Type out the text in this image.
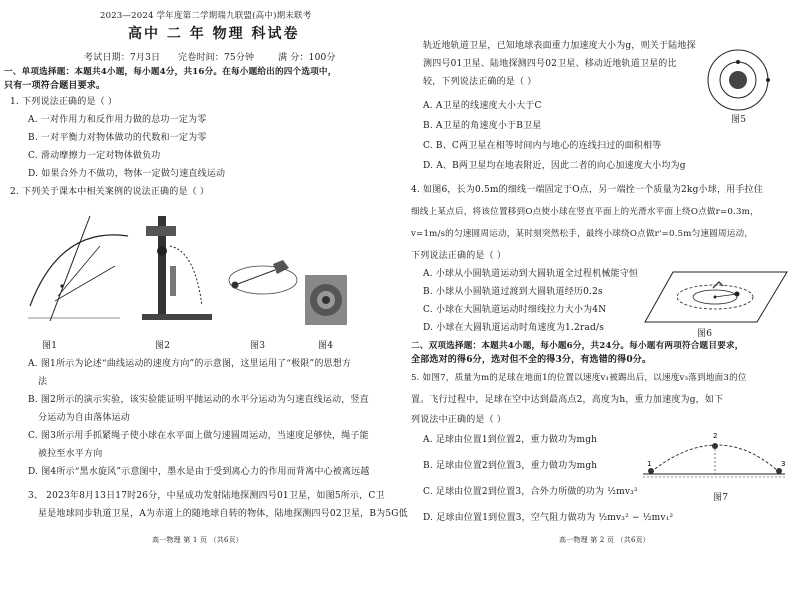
2023—2024 学年度第二学期瑞九联盟(高中)期末联考
高中 二 年 物理 科试卷
考试日期：7月3日 完卷时间：75分钟	满 分：100分
一、单项选择题：本题共4小题，每小题4分，共16分。在每小题给出的四个选项中，
只有一项符合题目要求。
1. 下列说法正确的是（ ）
A. 一对作用力和反作用力做的总功一定为零
B. 一对平衡力对物体做功的代数和一定为零
C. 滑动摩擦力一定对物体做负功
D. 如果合外力不做功，物体一定做匀速直线运动
2. 下列关于课本中相关案例的说法正确的是（ ）
图1	图2	图3	图4
A. 图1所示为论述“曲线运动的速度方向”的示意图，这里运用了“极限”的思想方
法
B. 图2所示的演示实验，该实验能证明平抛运动的水平分运动为匀速直线运动，竖直
分运动为自由落体运动
C. 图3所示用手抓紧绳子使小球在水平面上做匀速圆周运动，当速度足够快，绳子能
被拉至水平方向
D. 图4所示“黑水旋风”示意图中，墨水是由于受到离心力的作用而背离中心被离远越
3、 2023年8月13日17时26分，中星成功发射陆地探测四号01卫星，如图5所示，C卫
星是地球同步轨道卫星，A为赤道上的随地球自转的物体，陆地探测四号02卫星，B为5G低
高一物理 第 1 页 （共6页）
轨近地轨道卫星，已知地球表面重力加速度大小为g，则关于陆地探
测四号01卫星、陆地探测四号02卫星、移动近地轨道卫星的比
较，下列说法正确的是（ ）
图5
A. A卫星的线速度大小大于C
B. A卫星的角速度小于B卫星
C. B、C两卫星在相等时间内与地心的连线扫过的面积相等
D. A、B两卫星均在地表附近，因此二者的向心加速度大小均为g
4. 如图6，长为0.5m的细线一端固定于O点，另一端拴一个质量为2kg小球，用手拉住
细线上某点后，将该位置移到O点使小球在竖直平面上的光滑水平面上绕O点做r=0.3m，
v=1m/s的匀速圆周运动，某时刻突然松手，最终小球绕O点做r'=0.5m匀速圆周运动，
下列说法正确的是（ ）
A. 小球从小圆轨道运动到大圆轨道全过程机械能守恒
B. 小球从小圆轨道过渡到大圆轨道经历0.2s
C. 小球在大圆轨道运动时细线拉力大小为4N
D. 小球在大圆轨道运动时角速度为1.2rad/s
图6
二、双项选择题：本题共4小题，每小题6分，共24分。每小题有两项符合题目要求，
全部选对的得6分，选对但不全的得3分，有选错的得0分。
5. 如图7，质量为m的足球在地面1的位置以速度v₁被踢出后，以速度v₃落到地面3的位
置。飞行过程中，足球在空中达到最高点2，高度为h，重力加速度为g，如下
列说法中正确的是（ ）
A. 足球由位置1到位置2，重力做功为mgh
B. 足球由位置2到位置3，重力做功为mgh
C. 足球由位置2到位置3，合外力所做的功为 ½mv₃²
D. 足球由位置1到位置3，空气阻力做功为 ½mv₃² − ½mv₁²
1
2
3
图7
高一物理 第 2 页 （共6页）
